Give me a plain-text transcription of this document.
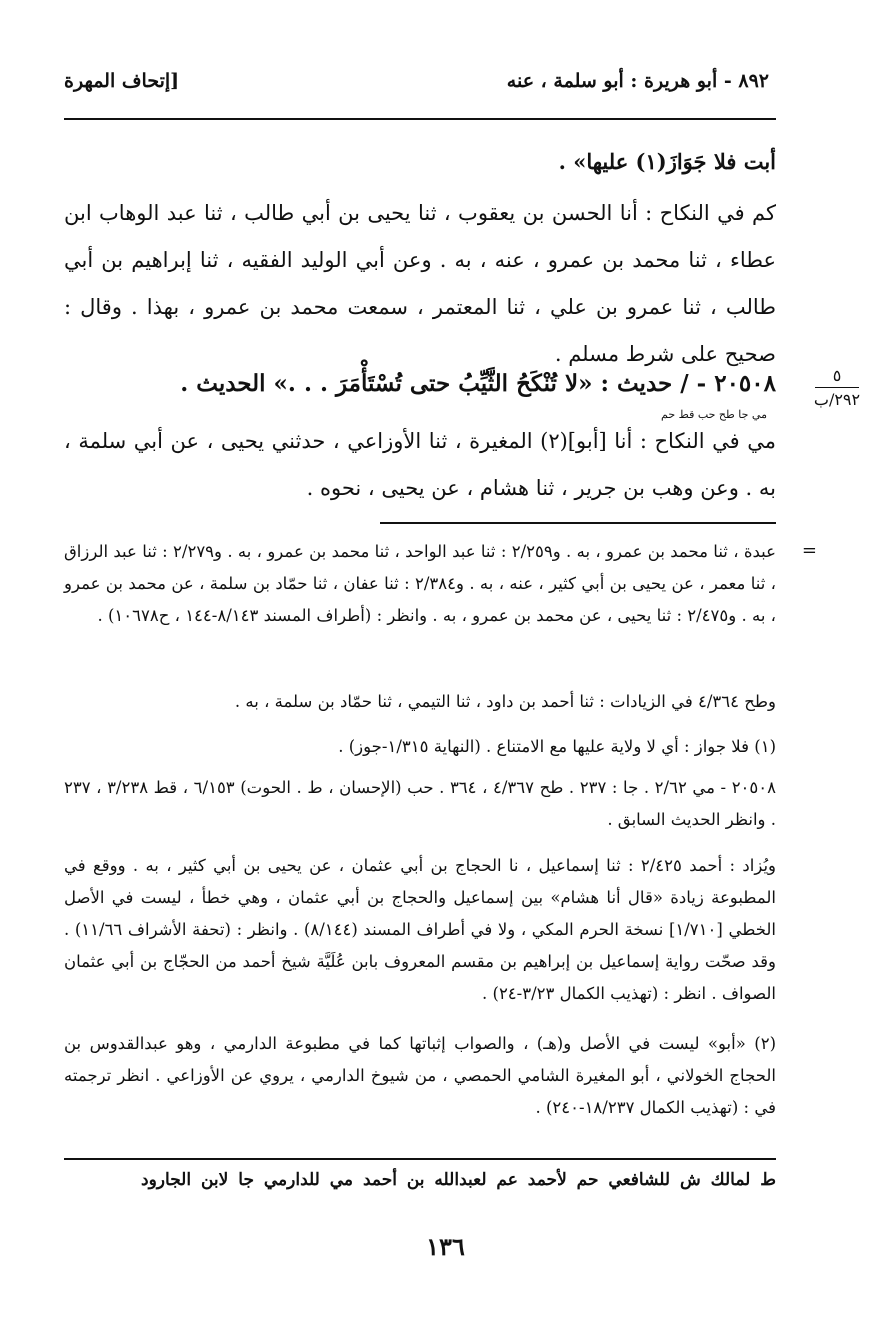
٨٩٢ - أبو هريرة : أبو سلمة ، عنه
[إتحاف المهرة
أبت فلا جَوَازَ(١) عليها» .

كم في النكاح : أنا الحسن بن يعقوب ، ثنا يحيى بن أبي طالب ، ثنا عبد الوهاب ابن عطاء ، ثنا محمد بن عمرو ، عنه ، به . وعن أبي الوليد الفقيه ، ثنا إبراهيم بن أبي طالب ، ثنا عمرو بن علي ، ثنا المعتمر ، سمعت محمد بن عمرو ، بهذا . وقال : صحيح على شرط مسلم .

٥
٢٩٢/ب
٢٠٥٠٨ - / حديث : «لا تُنْكَحُ الثَّيِّبُ حتى تُسْتَأْمَرَ . . .» الحديث .
مي جا طح حب قط حم

مي في النكاح : أنا [أبو](٢) المغيرة ، ثنا الأوزاعي ، حدثني يحيى ، عن أبي سلمة ، به . وعن وهب بن جرير ، ثنا هشام ، عن يحيى ، نحوه .

=

عبدة ، ثنا محمد بن عمرو ، به . و٢/٢٥٩ : ثنا عبد الواحد ، ثنا محمد بن عمرو ، به . و٢/٢٧٩ : ثنا عبد الرزاق ، ثنا معمر ، عن يحيى بن أبي كثير ، عنه ، به . و٢/٣٨٤ : ثنا عفان ، ثنا حمّاد بن سلمة ، عن محمد بن عمرو ، به . و٢/٤٧٥ : ثنا يحيى ، عن محمد بن عمرو ، به . وانظر : (أطراف المسند ٨/١٤٣-١٤٤ ، ح١٠٦٧٨) .

وطح ٤/٣٦٤ في الزيادات : ثنا أحمد بن داود ، ثنا التيمي ، ثنا حمّاد بن سلمة ، به .

(١) فلا جواز : أي لا ولاية عليها مع الامتناع . (النهاية ١/٣١٥-جوز) .

٢٠٥٠٨ - مي ٢/٦٢ . جا : ٢٣٧ . طح ٤/٣٦٧ ، ٣٦٤ . حب (الإحسان ، ط . الحوت) ٦/١٥٣ ، قط ٣/٢٣٨ ، ٢٣٧ . وانظر الحديث السابق .

ويُزاد : أحمد ٢/٤٢٥ : ثنا إسماعيل ، نا الحجاج بن أبي عثمان ، عن يحيى بن أبي كثير ، به . ووقع في المطبوعة زيادة «قال أنا هشام» بين إسماعيل والحجاج بن أبي عثمان ، وهي خطأ ، ليست في الأصل الخطي [١/٧١٠] نسخة الحرم المكي ، ولا في أطراف المسند (٨/١٤٤) . وانظر : (تحفة الأشراف ١١/٦٦) . وقد صحّت رواية إسماعيل بن إبراهيم بن مقسم المعروف بابن عُلَيَّة شيخ أحمد من الحجّاج بن أبي عثمان الصواف . انظر : (تهذيب الكمال ٣/٢٣-٢٤) .

(٢) «أبو» ليست في الأصل و(هـ) ، والصواب إثباتها كما في مطبوعة الدارمي ، وهو عبدالقدوس بن الحجاج الخولاني ، أبو المغيرة الشامي الحمصي ، من شيوخ الدارمي ، يروي عن الأوزاعي . انظر ترجمته في : (تهذيب الكمال ١٨/٢٣٧-٢٤٠) .

ط لمالك ش للشافعي حم لأحمد عم لعبدالله بن أحمد مي للدارمي جا لابن الجارود
١٣٦
